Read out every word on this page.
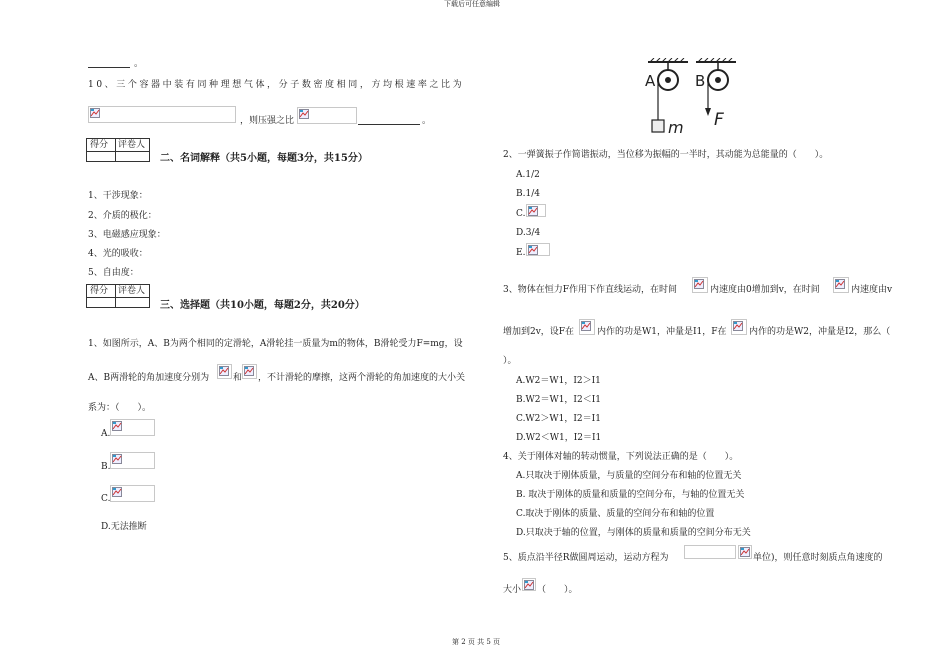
下载后可任意编辑
第 2 页 共 5 页
。
10、三个容器中装有同种理想气体，分子数密度相同，方均根速率之比为
，则压强之比	。
得分 评卷人
二、名词解释（共5小题，每题3分，共15分）
1、干涉现象：
2、介质的极化：
3、电磁感应现象：
4、光的吸收：
5、自由度：
得分 评卷人
三、选择题（共10小题，每题2分，共20分）
1、如图所示，A、B为两个相同的定滑轮，A滑轮挂一质量为m的物体，B滑轮受力F=mg，设
A、B两滑轮的角加速度分别为	和 ，不计滑轮的摩擦，这两个滑轮的角加速度的大小关
系为：（　　）。
A.
B.
C.
D.无法推断
A	B
m F
2、一弹簧振子作简谐振动，当位移为振幅的一半时，其动能为总能量的（　　）。
A.1/2
B.1/4
C.
D.3/4
E.
3、物体在恒力F作用下作直线运动，在时间	内速度由0增加到v，在时间	内速度由v
增加到2v，设F在	内作的功是W1，冲量是I1，F在 内作的功是W2，冲量是I2，那么（
）。
A.W2＝W1，I2＞I1
B.W2＝W1，I2＜I1
C.W2＞W1，I2＝I1
D.W2＜W1，I2＝I1
4、关于刚体对轴的转动惯量，下列说法正确的是（　　）。
A.只取决于刚体质量，与质量的空间分布和轴的位置无关
B. 取决于刚体的质量和质量的空间分布，与轴的位置无关
C.取决于刚体的质量、质量的空间分布和轴的位置
D.只取决于轴的位置，与刚体的质量和质量的空间分布无关
5、质点沿半径R做圆周运动，运动方程为	单位)，则任意时刻质点角速度的
大小 （　　）。
